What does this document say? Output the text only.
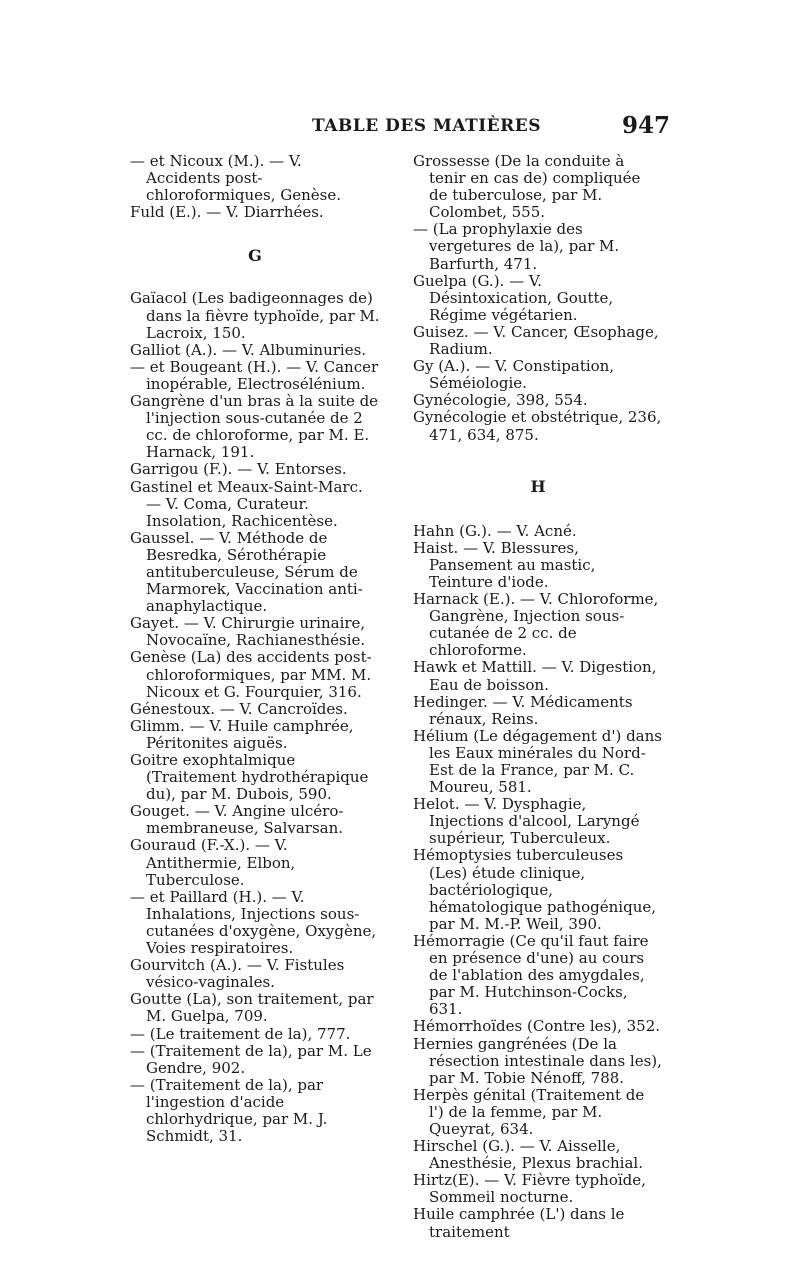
TABLE DES MATIÈRES	947

— et Nicoux (M.). — V. Accidents post-chloroformiques, Genèse.

Fuld (E.). — V. Diarrhées.

G

Gaïacol (Les badigeonnages de) dans la fièvre typhoïde, par M. Lacroix, 150.

Galliot (A.). — V. Albuminuries.

— et Bougeant (H.). — V. Cancer inopérable, Electrosélénium.

Gangrène d'un bras à la suite de l'injection sous-cutanée de 2 cc. de chloroforme, par M. E. Harnack, 191.

Garrigou (F.). — V. Entorses.

Gastinel et Meaux-Saint-Marc. — V. Coma, Curateur. Insolation, Rachicentèse.

Gaussel. — V. Méthode de Besredka, Sérothérapie antituberculeuse, Sérum de Marmorek, Vaccination anti-anaphylactique.

Gayet. — V. Chirurgie urinaire, Novocaïne, Rachianesthésie.

Genèse (La) des accidents post-chloroformiques, par MM. M. Nicoux et G. Fourquier, 316.

Génestoux. — V. Cancroïdes.

Glimm. — V. Huile camphrée, Péritonites aiguës.

Goitre exophtalmique (Traitement hydrothérapique du), par M. Dubois, 590.

Gouget. — V. Angine ulcéro-membraneuse, Salvarsan.

Gouraud (F.-X.). — V. Antithermie, Elbon, Tuberculose.

— et Paillard (H.). — V. Inhalations, Injections sous-cutanées d'oxygène, Oxygène, Voies respiratoires.

Gourvitch (A.). — V. Fistules vésico-vaginales.

Goutte (La), son traitement, par M. Guelpa, 709.

— (Le traitement de la), 777.

— (Traitement de la), par M. Le Gendre, 902.

— (Traitement de la), par l'ingestion d'acide chlorhydrique, par M. J. Schmidt, 31.

Grossesse (De la conduite à tenir en cas de) compliquée de tuberculose, par M. Colombet, 555.

— (La prophylaxie des vergetures de la), par M. Barfurth, 471.

Guelpa (G.). — V. Désintoxication, Goutte, Régime végétarien.

Guisez. — V. Cancer, Œsophage, Radium.

Gy (A.). — V. Constipation, Séméiologie.

Gynécologie, 398, 554.

Gynécologie et obstétrique, 236, 471, 634, 875.

H

Hahn (G.). — V. Acné.

Haist. — V. Blessures, Pansement au mastic, Teinture d'iode.

Harnack (E.). — V. Chloroforme, Gangrène, Injection sous-cutanée de 2 cc. de chloroforme.

Hawk et Mattill. — V. Digestion, Eau de boisson.

Hedinger. — V. Médicaments rénaux, Reins.

Hélium (Le dégagement d') dans les Eaux minérales du Nord-Est de la France, par M. C. Moureu, 581.

Helot. — V. Dysphagie, Injections d'alcool, Laryngé supérieur, Tuberculeux.

Hémoptysies tuberculeuses (Les) étude clinique, bactériologique, hématologique pathogénique, par M. M.-P. Weil, 390.

Hémorragie (Ce qu'il faut faire en présence d'une) au cours de l'ablation des amygdales, par M. Hutchinson-Cocks, 631.

Hémorrhoïdes (Contre les), 352.

Hernies gangrénées (De la résection intestinale dans les), par M. Tobie Nénoff, 788.

Herpès génital (Traitement de l') de la femme, par M. Queyrat, 634.

Hirschel (G.). — V. Aisselle, Anesthésie, Plexus brachial.

Hirtz(E). — V. Fièvre typhoïde, Sommeil nocturne.

Huile camphrée (L') dans le traitement
